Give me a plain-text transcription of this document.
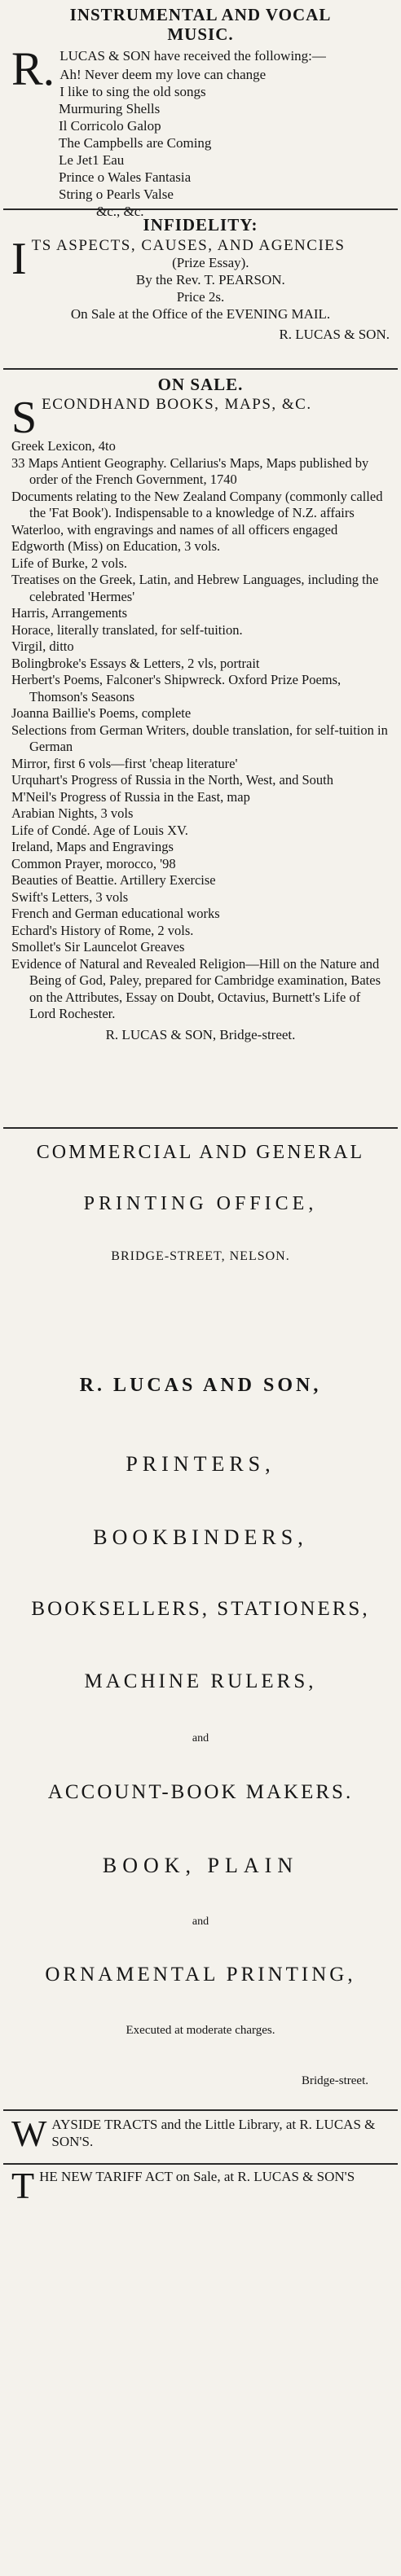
INSTRUMENTAL AND VOCAL
MUSIC.
R. LUCAS & SON have received the following:—
Ah! Never deem my love can change
I like to sing the old songs
Murmuring Shells
Il Corricolo Galop
The Campbells are Coming
Le Jet1 Eau
Prince o Wales Fantasia
String o Pearls Valse
&c., &c.
INFIDELITY:
I TS ASPECTS, CAUSES, AND AGENCIES
(Prize Essay).
By the Rev. T. PEARSON.
Price 2s.
On Sale at the Office of the EVENING MAIL.
R. LUCAS & SON.
ON SALE.
S ECONDHAND BOOKS, MAPS, &C.
Greek Lexicon, 4to
33 Maps Antient Geography. Cellarius's Maps, Maps published by order of the French Government, 1740
Documents relating to the New Zealand Company (commonly called the 'Fat Book'). Indispensable to a knowledge of N.Z. affairs
Waterloo, with engravings and names of all officers engaged
Edgworth (Miss) on Education, 3 vols.
Life of Burke, 2 vols.
Treatises on the Greek, Latin, and Hebrew Languages, including the celebrated 'Hermes'
Harris, Arrangements
Horace, literally translated, for self-tuition.
Virgil, ditto
Bolingbroke's Essays & Letters, 2 vls, portrait
Herbert's Poems, Falconer's Shipwreck. Oxford Prize Poems, Thomson's Seasons
Joanna Baillie's Poems, complete
Selections from German Writers, double translation, for self-tuition in German
Mirror, first 6 vols—first 'cheap literature'
Urquhart's Progress of Russia in the North, West, and South
M'Neil's Progress of Russia in the East, map
Arabian Nights, 3 vols
Life of Condé. Age of Louis XV.
Ireland, Maps and Engravings
Common Prayer, morocco, '98
Beauties of Beattie. Artillery Exercise
Swift's Letters, 3 vols
French and German educational works
Echard's History of Rome, 2 vols.
Smollet's Sir Launcelot Greaves
Evidence of Natural and Revealed Religion—Hill on the Nature and Being of God, Paley, prepared for Cambridge examination, Bates on the Attributes, Essay on Doubt, Octavius, Burnett's Life of Lord Rochester.
R. LUCAS & SON, Bridge-street.
COMMERCIAL AND GENERAL
PRINTING OFFICE,
BRIDGE-STREET, NELSON.
R. LUCAS AND SON,
PRINTERS,
BOOKBINDERS,
BOOKSELLERS, STATIONERS,
MACHINE RULERS,
and
ACCOUNT-BOOK MAKERS.
BOOK, PLAIN
and
ORNAMENTAL PRINTING,
Executed at moderate charges.
Bridge-street.
W AYSIDE TRACTS and the Little Library, at R. LUCAS & SON'S.
T HE NEW TARIFF ACT on Sale, at R. LUCAS & SON'S
